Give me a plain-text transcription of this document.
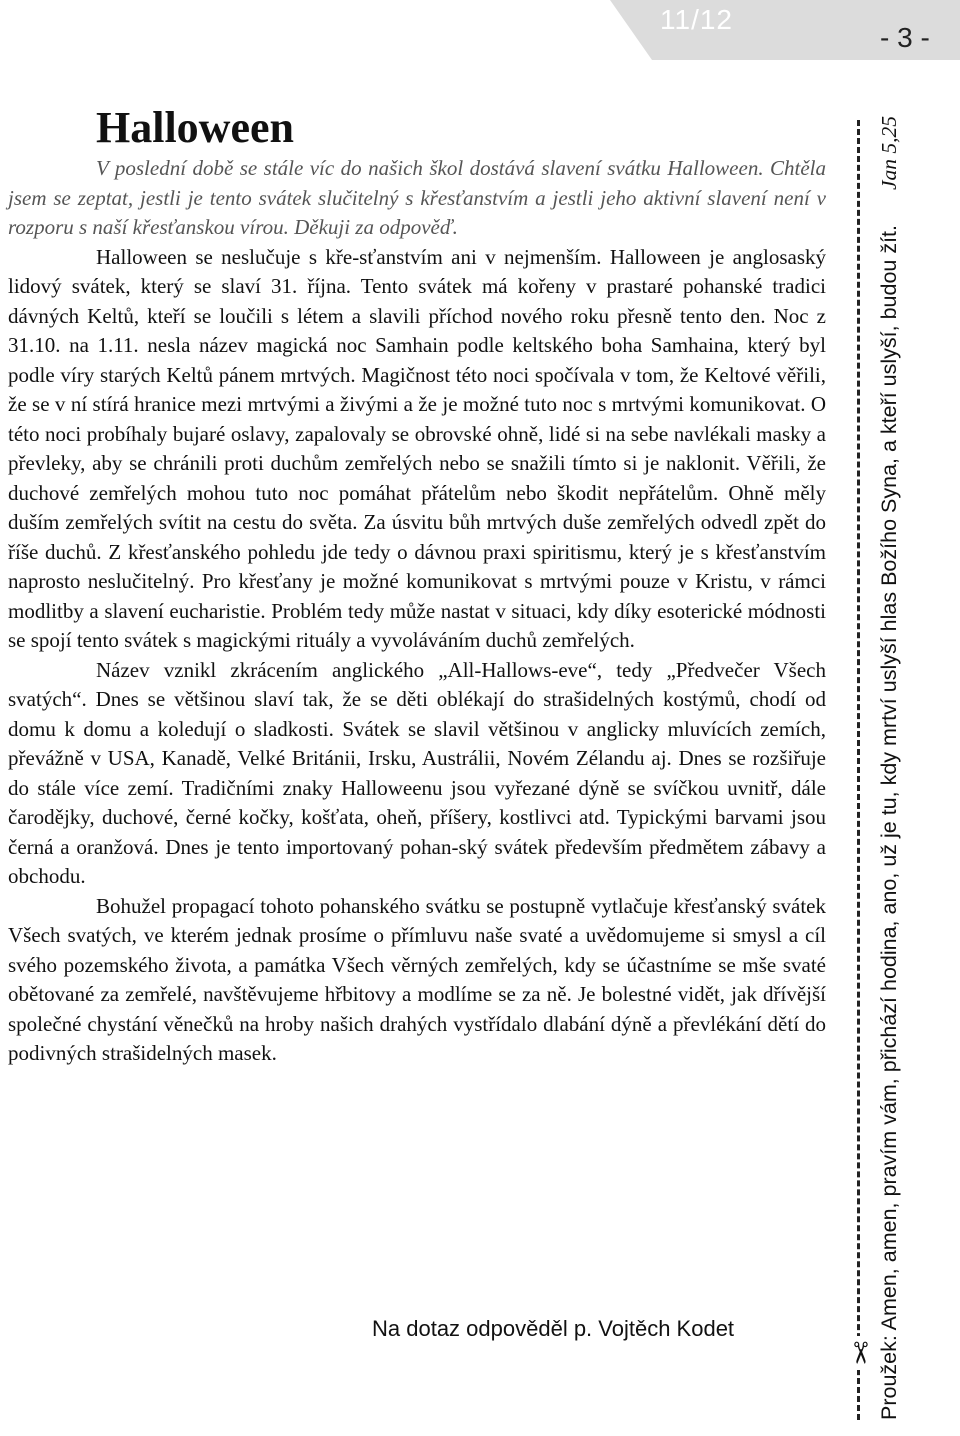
11/12
- 3 -
Halloween

V poslední době se stále víc do našich škol dostává slavení svátku Halloween. Chtěla jsem se zeptat, jestli je tento svátek slučitelný s křesťanstvím a jestli jeho aktivní slavení není v rozporu s naší křesťanskou vírou. Děkuji za odpověď.

Halloween se neslučuje s kře-sťanstvím ani v nejmenším. Halloween je anglosaský lidový svátek, který se slaví 31. října. Tento svátek má kořeny v prastaré pohanské tradici dávných Keltů, kteří se loučili s létem a slavili příchod nového roku přesně tento den. Noc z 31.10. na 1.11. nesla název magická noc Samhain podle keltského boha Samhaina, který byl podle víry starých Keltů pánem mrtvých. Magičnost této noci spočívala v tom, že Keltové věřili, že se v ní stírá hranice mezi mrtvými a živými a že je možné tuto noc s mrtvými komunikovat. O této noci probíhaly bujaré oslavy, zapalovaly se obrovské ohně, lidé si na sebe navlékali masky a převleky, aby se chránili proti duchům zemřelých nebo se snažili tímto si je naklonit. Věřili, že duchové zemřelých mohou tuto noc pomáhat přátelům nebo škodit nepřátelům. Ohně měly duším zemřelých svítit na cestu do světa. Za úsvitu bůh mrtvých duše zemřelých odvedl zpět do říše duchů. Z křesťanského pohledu jde tedy o dávnou praxi spiritismu, který je s křesťanstvím naprosto neslučitelný. Pro křesťany je možné komunikovat s mrtvými pouze v Kristu, v rámci modlitby a slavení eucharistie. Problém tedy může nastat v situaci, kdy díky esoterické módnosti se spojí tento svátek s magickými rituály a vyvoláváním duchů zemřelých.

Název vznikl zkrácením anglického „All-Hallows-eve“, tedy „Předvečer Všech svatých“. Dnes se většinou slaví tak, že se děti oblékají do strašidelných kostýmů, chodí od domu k domu a koledují o sladkosti. Svátek se slavil většinou v anglicky mluvících zemích, převážně v USA, Kanadě, Velké Británii, Irsku, Austrálii, Novém Zélandu aj. Dnes se rozšiřuje do stále více zemí. Tradičními znaky Halloweenu jsou vyřezané dýně se svíčkou uvnitř, dále čarodějky, duchové, černé kočky, košťata, oheň, příšery, kostlivci atd. Typickými barvami jsou černá a oranžová. Dnes je tento importovaný pohan-ský svátek především předmětem zábavy a obchodu.

Bohužel propagací tohoto pohanského svátku se postupně vytlačuje křesťanský svátek Všech svatých, ve kterém jednak prosíme o přímluvu naše svaté a uvědomujeme si smysl a cíl svého pozemského života, a památka Všech věrných zemřelých, kdy se účastníme se mše svaté obětované za zemřelé, navštěvujeme hřbitovy a modlíme se za ně. Je bolestné vidět, jak dřívější společné chystání věnečků na hroby našich drahých vystřídalo dlabání dýně a převlékání dětí do podivných strašidelných masek.

Na dotaz odpověděl p. Vojtěch Kodet
✂ Proužek: Amen, amen, pravím vám, přichází hodina, ano, už je tu, kdy mrtví uslyší hlas Božího Syna, a kteří uslyší, budou žít.
Jan 5,25
